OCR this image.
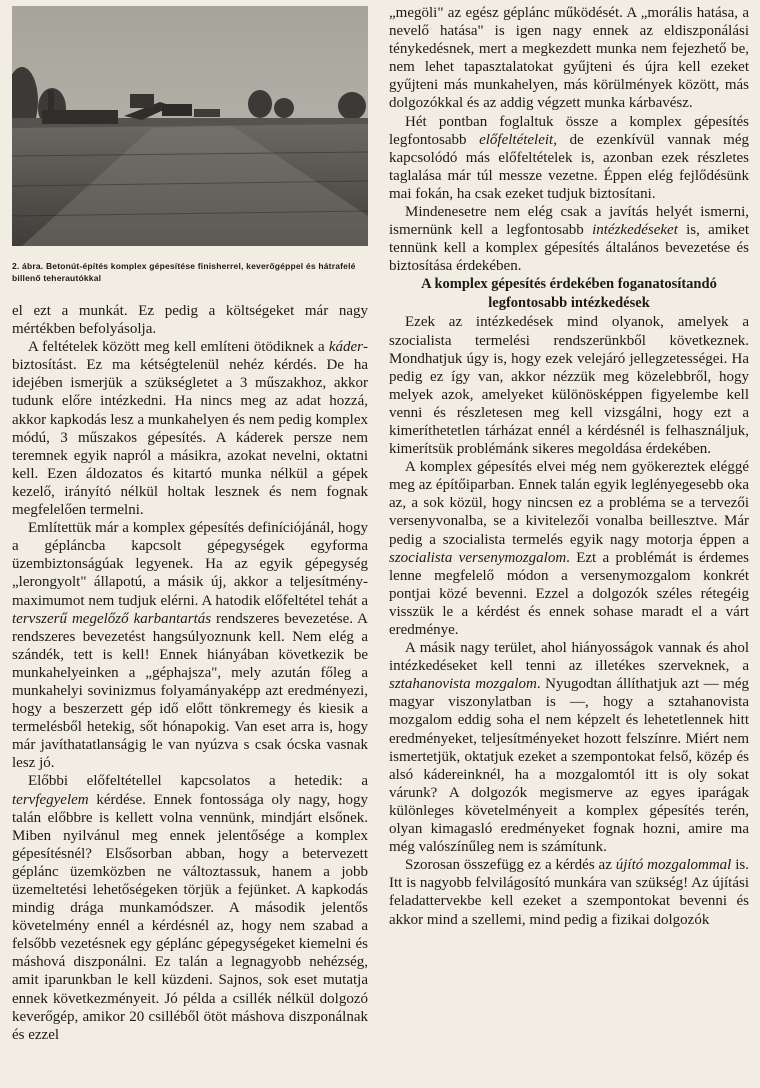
2. ábra. Betonút-építés komplex gépesítése finisherrel, keverőgéppel és hátrafelé billenő teherautókkal

el ezt a munkát. Ez pedig a költségeket már nagy mértékben befolyásolja.

A feltételek között meg kell említeni ötödiknek a káder-biztosítást. Ez ma kétségtelenül nehéz kérdés. De ha idejében ismerjük a szükségletet a 3 műszakhoz, akkor tudunk előre intézkedni. Ha nincs meg az adat hozzá, akkor kapkodás lesz a munkahelyen és nem pedig komplex módú, 3 műszakos gépesítés. A káderek persze nem teremnek egyik napról a másikra, azokat nevelni, oktatni kell. Ezen áldozatos és kitartó munka nélkül a gépek kezelő, irányító nélkül holtak lesznek és nem fognak megfelelően termelni.

Említettük már a komplex gépesítés definíciójánál, hogy a gépláncba kapcsolt gépegységek egyforma üzembiztonságúak legyenek. Ha az egyik gépegység „lerongyolt" állapotú, a másik új, akkor a teljesítmény-maximumot nem tudjuk elérni. A hatodik előfeltétel tehát a tervszerű megelőző karbantartás rendszeres bevezetése. A rendszeres bevezetést hangsúlyoznunk kell. Nem elég a szándék, tett is kell! Ennek hiányában következik be munkahelyeinken a „géphajsza", mely azután főleg a munkahelyi sovinizmus folyamányaképp azt eredményezi, hogy a beszerzett gép idő előtt tönkremegy és kiesik a termelésből hetekig, sőt hónapokig. Van eset arra is, hogy már javíthatatlanságig le van nyúzva s csak ócska vasnak lesz jó.

Előbbi előfeltétellel kapcsolatos a hetedik: a tervfegyelem kérdése. Ennek fontossága oly nagy, hogy talán előbbre is kellett volna vennünk, mindjárt elsőnek. Miben nyilvánul meg ennek jelentősége a komplex gépesítésnél? Elsősorban abban, hogy a betervezett géplánc üzemközben ne változtassuk, hanem a jobb üzemeltetési lehetőségeken törjük a fejünket. A kapkodás mindig drága munkamódszer. A második jelentős követelmény ennél a kérdésnél az, hogy nem szabad a felsőbb vezetésnek egy géplánc gépegységeket kiemelni és máshová diszponálni. Ez talán a legnagyobb nehézség, amit iparunkban le kell küzdeni. Sajnos, sok eset mutatja ennek következményeit. Jó példa a csillék nélkül dolgozó keverőgép, amikor 20 csilléből ötöt máshova diszponálnak és ezzel

„megöli" az egész géplánc működését. A „morális hatása, a nevelő hatása" is igen nagy ennek az eldiszponálási ténykedésnek, mert a megkezdett munka nem fejezhető be, nem lehet tapasztalatokat gyűjteni és újra kell ezeket gyűjteni más munkahelyen, más körülmények között, más dolgozókkal és az addig végzett munka kárbavész.

Hét pontban foglaltuk össze a komplex gépesítés legfontosabb előfeltételeit, de ezenkívül vannak még kapcsolódó más előfeltételek is, azonban ezek részletes taglalása már túl messze vezetne. Éppen elég fejlődésünk mai fokán, ha csak ezeket tudjuk biztosítani.

Mindenesetre nem elég csak a javítás helyét ismerni, ismernünk kell a legfontosabb intézkedéseket is, amiket tennünk kell a komplex gépesítés általános bevezetése és biztosítása érdekében.

A komplex gépesítés érdekében foganatosítandó legfontosabb intézkedések

Ezek az intézkedések mind olyanok, amelyek a szocialista termelési rendszerünkből következnek. Mondhatjuk úgy is, hogy ezek velejáró jellegzetességei. Ha pedig ez így van, akkor nézzük meg közelebbről, hogy melyek azok, amelyeket különösképpen figyelembe kell venni és részletesen meg kell vizsgálni, hogy ezt a kimeríthetetlen tárházat ennél a kérdésnél is felhasználjuk, kimerítsük problémánk sikeres megoldása érdekében.

A komplex gépesítés elvei még nem gyökereztek eléggé meg az építőiparban. Ennek talán egyik leglényegesebb oka az, a sok közül, hogy nincsen ez a probléma se a tervezői versenyvonalba, se a kivitelezői vonalba beillesztve. Már pedig a szocialista termelés egyik nagy motorja éppen a szocialista versenymozgalom. Ezt a problémát is érdemes lenne megfelelő módon a versenymozgalom konkrét pontjai közé bevenni. Ezzel a dolgozók széles rétegéig visszük le a kérdést és ennek sohase maradt el a várt eredménye.

A másik nagy terület, ahol hiányosságok vannak és ahol intézkedéseket kell tenni az illetékes szerveknek, a sztahanovista mozgalom. Nyugodtan állíthatjuk azt — még magyar viszonylatban is —, hogy a sztahanovista mozgalom eddig soha el nem képzelt és lehetetlennek hitt eredményeket, teljesítményeket hozott felszínre. Miért nem ismertetjük, oktatjuk ezeket a szempontokat felső, közép és alsó kádereinknél, ha a mozgalomtól itt is oly sokat várunk? A dolgozók megismerve az egyes iparágak különleges követelményeit a komplex gépesítés terén, olyan kimagasló eredményeket fognak hozni, amire ma még valószínűleg nem is számítunk.

Szorosan összefügg ez a kérdés az újító mozgalommal is. Itt is nagyobb felvilágosító munkára van szükség! Az újítási feladattervekbe kell ezeket a szempontokat bevenni és akkor mind a szellemi, mind pedig a fizikai dolgozók
